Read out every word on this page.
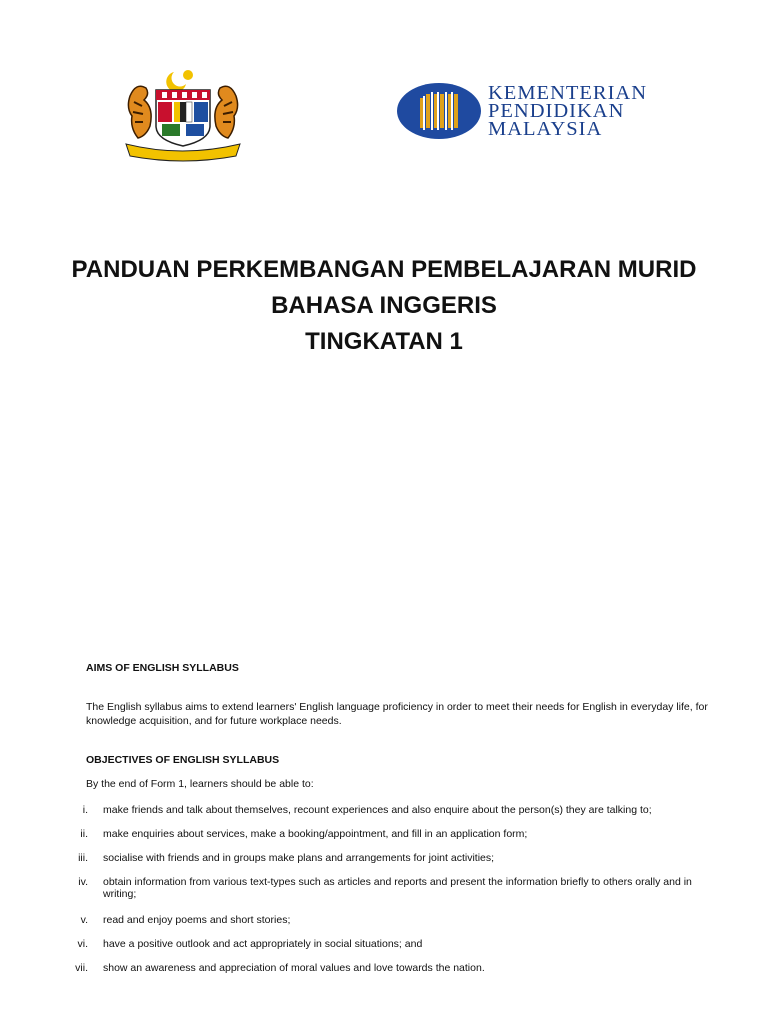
KEMENTERIAN
PENDIDIKAN
MALAYSIA
PANDUAN PERKEMBANGAN PEMBELAJARAN MURID
BAHASA INGGERIS
TINGKATAN 1
AIMS OF ENGLISH SYLLABUS
The English syllabus aims to extend learners' English language proficiency in order to meet their needs for English in everyday life, for knowledge acquisition, and for future workplace needs.
OBJECTIVES OF ENGLISH SYLLABUS
By the end of Form 1, learners should be able to:
i. make friends and talk about themselves, recount experiences and also enquire about the person(s) they are talking to;
ii. make enquiries about services, make a booking/appointment, and fill in an application form;
iii. socialise with friends and in groups make plans and arrangements for joint activities;
iv. obtain information from various text-types such as articles and reports and present the information briefly to others orally and in writing;
v. read and enjoy poems and short stories;
vi. have a positive outlook and act appropriately in social situations; and
vii. show an awareness and appreciation of moral values and love towards the nation.
